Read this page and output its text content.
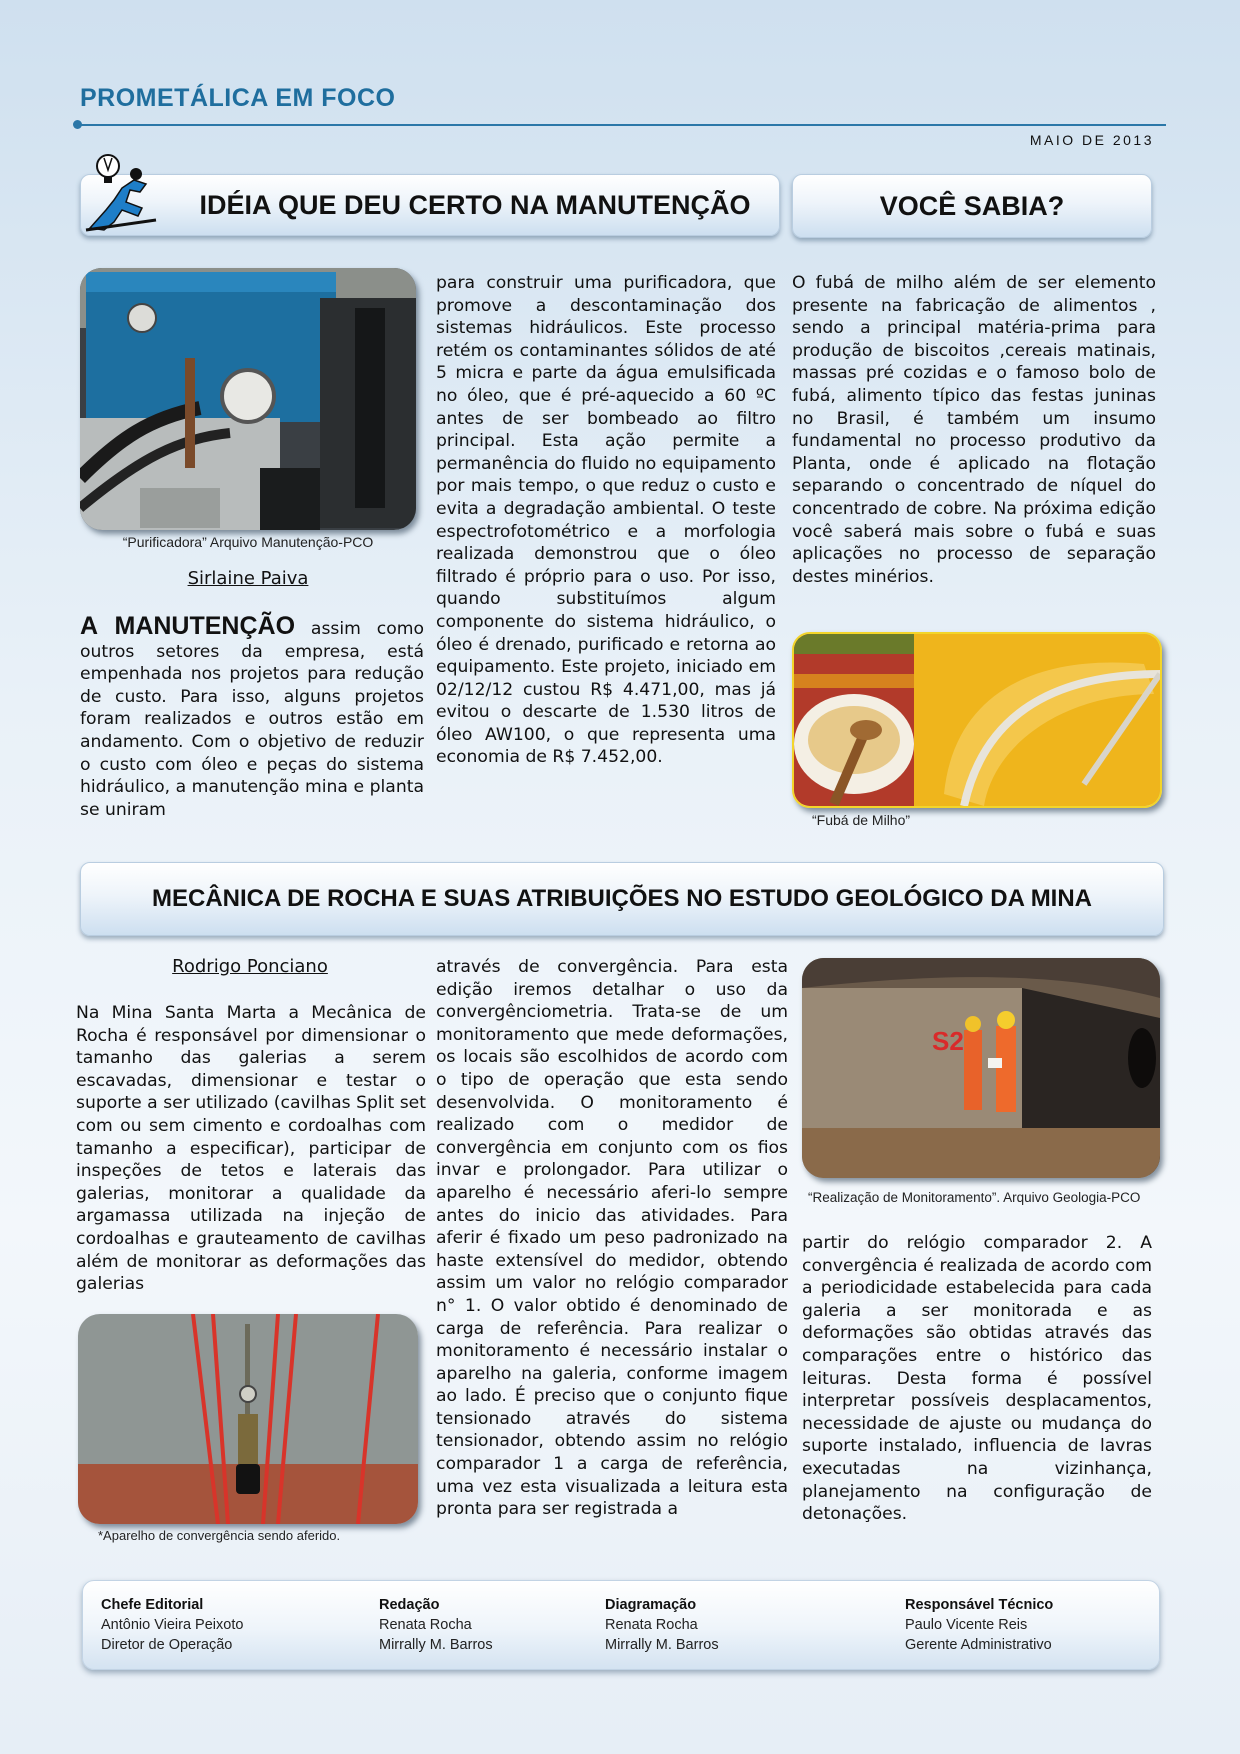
PROMETÁLICA EM FOCO
MAIO DE 2013
IDÉIA QUE DEU CERTO NA MANUTENÇÃO	VOCÊ SABIA?
“Purificadora” Arquivo Manutenção-PCO
Sirlaine Paiva
A MANUTENÇÃO assim como outros setores da empresa, está empenhada nos projetos para redução de custo. Para isso, alguns projetos foram realizados e outros estão em andamento. Com o objetivo de reduzir o custo com óleo e peças do sistema hidráulico, a manutenção mina e planta se uniram
para construir uma purificadora, que promove a descontaminação dos sistemas hidráulicos. Este processo retém os contaminantes sólidos de até 5 micra e parte da água emulsificada no óleo, que é pré-aquecido a 60 ºC antes de ser bombeado ao filtro principal. Esta ação permite a permanência do fluido no equipamento por mais tempo, o que reduz o custo e evita a degradação ambiental. O teste espectrofotométrico e a morfologia realizada demonstrou que o óleo filtrado é próprio para o uso. Por isso, quando substituímos algum componente do sistema hidráulico, o óleo é drenado, purificado e retorna ao equipamento. Este projeto, iniciado em 02/12/12 custou R$ 4.471,00, mas já evitou o descarte de 1.530 litros de óleo AW100, o que representa uma economia de R$ 7.452,00.
O fubá de milho além de ser elemento presente na fabricação de alimentos , sendo a principal matéria-prima para produção de biscoitos ,cereais matinais, massas pré cozidas e o famoso bolo de fubá, alimento típico das festas juninas no Brasil, é também um insumo fundamental no processo produtivo da Planta, onde é aplicado na flotação separando o concentrado de níquel do concentrado de cobre. Na próxima edição você saberá mais sobre o fubá e suas aplicações no processo de separação destes minérios.
“Fubá de Milho”
MECÂNICA DE ROCHA E SUAS ATRIBUIÇÕES NO ESTUDO GEOLÓGICO DA MINA
Rodrigo Ponciano
Na Mina Santa Marta a Mecânica de Rocha é responsável por dimensionar o tamanho das galerias a serem escavadas, dimensionar e testar o suporte a ser utilizado (cavilhas Split set com ou sem cimento e cordoalhas com tamanho a especificar), participar de inspeções de tetos e laterais das galerias, monitorar a qualidade da argamassa utilizada na injeção de cordoalhas e grauteamento de cavilhas além de monitorar as deformações das galerias
*Aparelho de convergência sendo aferido.
através de convergência. Para esta edição iremos detalhar o uso da convergênciometria. Trata-se de um monitoramento que mede deformações, os locais são escolhidos de acordo com o tipo de operação que esta sendo desenvolvida. O monitoramento é realizado com o medidor de convergência em conjunto com os fios invar e prolongador. Para utilizar o aparelho é necessário aferi-lo sempre antes do inicio das atividades. Para aferir é fixado um peso padronizado na haste extensível do medidor, obtendo assim um valor no relógio comparador n° 1. O valor obtido é denominado de carga de referência. Para realizar o monitoramento é necessário instalar o aparelho na galeria, conforme imagem ao lado. É preciso que o conjunto fique tensionado através do sistema tensionador, obtendo assim no relógio comparador 1 a carga de referência, uma vez esta visualizada a leitura esta pronta para ser registrada a
S2
“Realização de Monitoramento”. Arquivo Geologia-PCO
partir do relógio comparador 2. A convergência é realizada de acordo com a periodicidade estabelecida para cada galeria a ser monitorada e as deformações são obtidas através das comparações entre o histórico das leituras. Desta forma é possível interpretar possíveis desplacamentos, necessidade de ajuste ou mudança do suporte instalado, influencia de lavras executadas na vizinhança, planejamento na configuração de detonações.
Chefe Editorial
Antônio Vieira Peixoto
Diretor de Operação
Redação
Renata Rocha
Mirrally M. Barros
Diagramação
Renata Rocha
Mirrally M. Barros
Responsável Técnico
Paulo Vicente Reis
Gerente Administrativo
